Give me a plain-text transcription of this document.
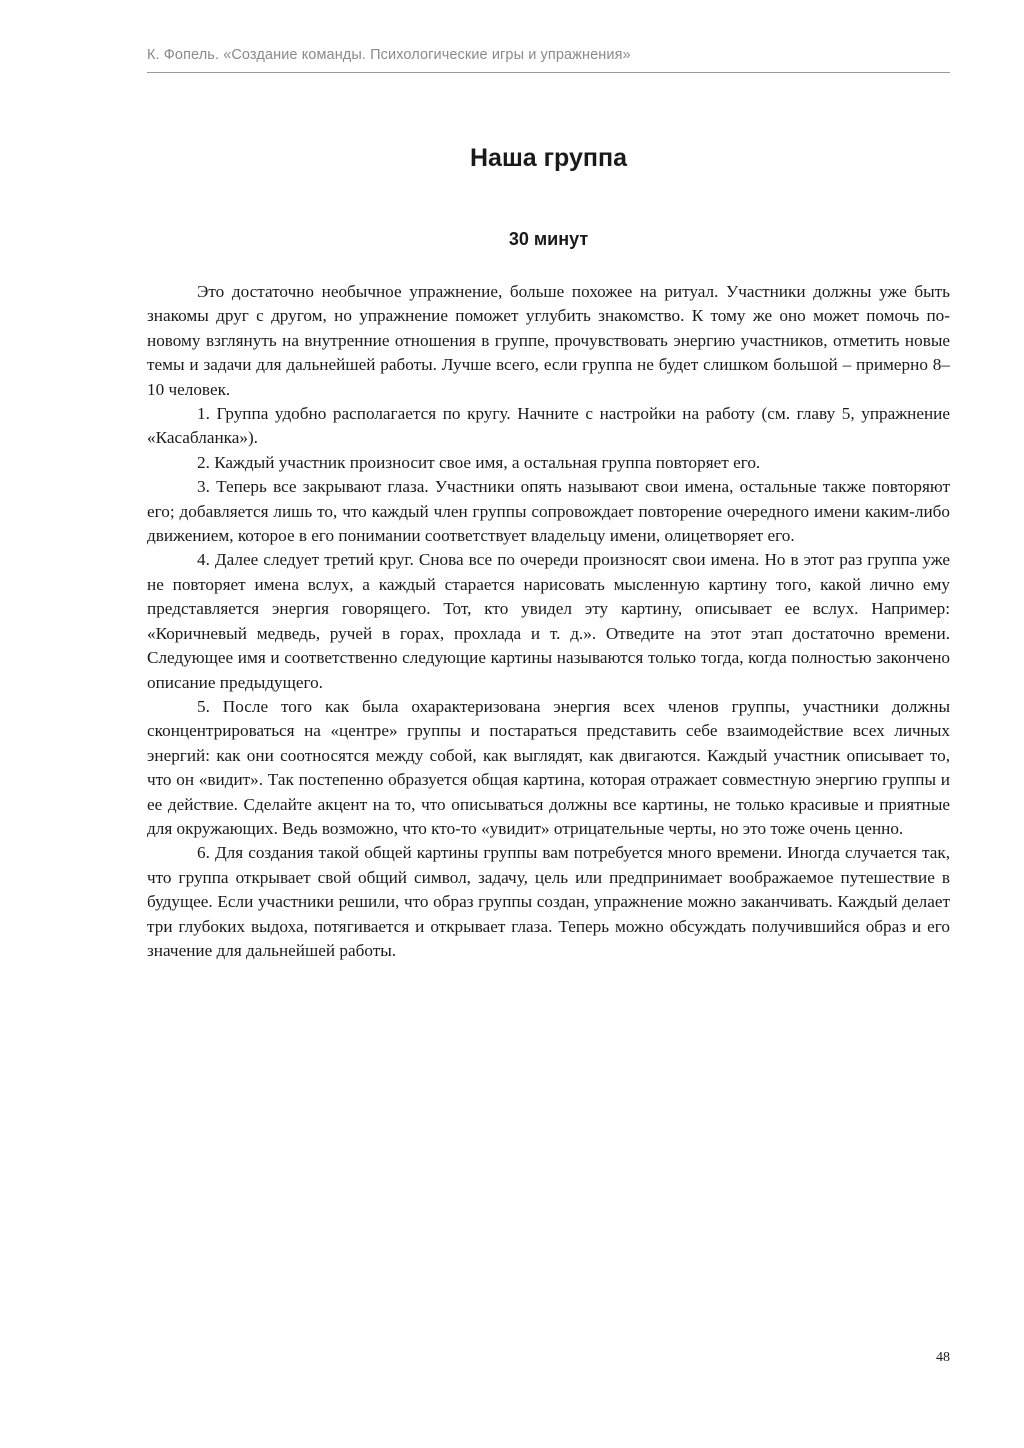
К. Фопель. «Создание команды. Психологические игры и упражнения»
Наша группа
30 минут

Это достаточно необычное упражнение, больше похожее на ритуал. Участники должны уже быть знакомы друг с другом, но упражнение поможет углубить знакомство. К тому же оно может помочь по-новому взглянуть на внутренние отношения в группе, прочувствовать энергию участников, отметить новые темы и задачи для дальнейшей работы. Лучше всего, если группа не будет слишком большой – примерно 8–10 человек.

1. Группа удобно располагается по кругу. Начните с настройки на работу (см. главу 5, упражнение «Касабланка»).

2. Каждый участник произносит свое имя, а остальная группа повторяет его.

3. Теперь все закрывают глаза. Участники опять называют свои имена, остальные также повторяют его; добавляется лишь то, что каждый член группы сопровождает повторение очередного имени каким-либо движением, которое в его понимании соответствует владельцу имени, олицетворяет его.

4. Далее следует третий круг. Снова все по очереди произносят свои имена. Но в этот раз группа уже не повторяет имена вслух, а каждый старается нарисовать мысленную картину того, какой лично ему представляется энергия говорящего. Тот, кто увидел эту картину, описывает ее вслух. Например: «Коричневый медведь, ручей в горах, прохлада и т. д.». Отведите на этот этап достаточно времени. Следующее имя и соответственно следующие картины называются только тогда, когда полностью закончено описание предыдущего.

5. После того как была охарактеризована энергия всех членов группы, участники должны сконцентрироваться на «центре» группы и постараться представить себе взаимодействие всех личных энергий: как они соотносятся между собой, как выглядят, как двигаются. Каждый участник описывает то, что он «видит». Так постепенно образуется общая картина, которая отражает совместную энергию группы и ее действие. Сделайте акцент на то, что описываться должны все картины, не только красивые и приятные для окружающих. Ведь возможно, что кто-то «увидит» отрицательные черты, но это тоже очень ценно.

6. Для создания такой общей картины группы вам потребуется много времени. Иногда случается так, что группа открывает свой общий символ, задачу, цель или предпринимает воображаемое путешествие в будущее. Если участники решили, что образ группы создан, упражнение можно заканчивать. Каждый делает три глубоких выдоха, потягивается и открывает глаза. Теперь можно обсуждать получившийся образ и его значение для дальнейшей работы.

48
